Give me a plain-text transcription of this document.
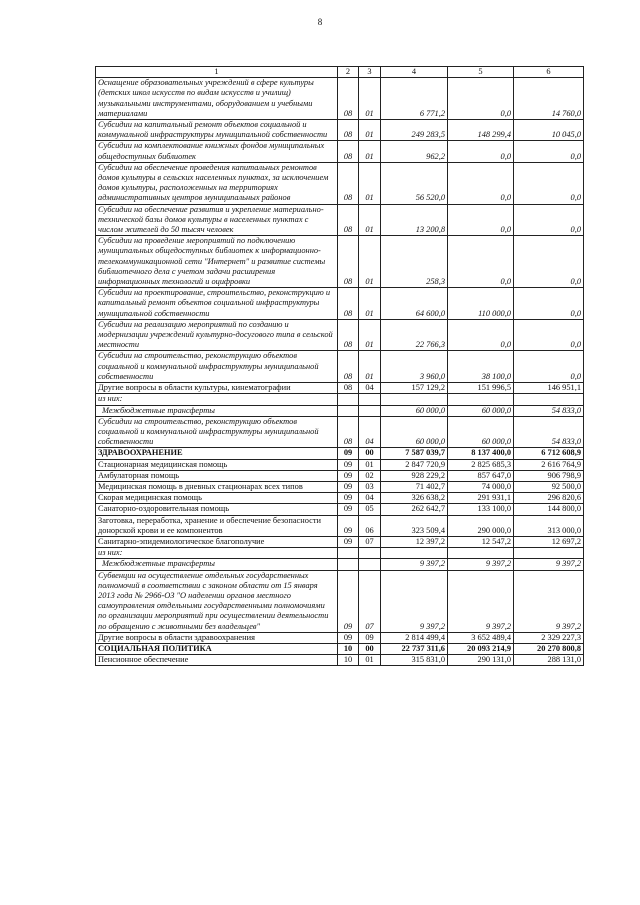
8
1	2	3	4	5	6
Оснащение образовательных учреждений в сфере культуры (детских школ искусств по видам искусств и училищ) музыкальными инструментами, оборудованием и учебными материалами	08	01	6 771,2	0,0	14 760,0
Субсидии на капитальный ремонт объектов социальной и коммунальной инфраструктуры муниципальной собственности	08	01	249 283,5	148 299,4	10 045,0
Субсидии на комплектование книжных фондов муниципальных общедоступных библиотек	08	01	962,2	0,0	0,0
Субсидии на обеспечение проведения капитальных ремонтов домов культуры в сельских населенных пунктах, за исключением домов культуры, расположенных на территориях административных центров муниципальных районов	08	01	56 520,0	0,0	0,0
Субсидии на обеспечение развития и укрепление материально-технической базы домов культуры в населенных пунктах с числом жителей до 50 тысяч человек	08	01	13 200,8	0,0	0,0
Субсидии на проведение мероприятий по подключению муниципальных общедоступных библиотек к информационно-телекоммуникационной сети "Интернет" и развитие системы библиотечного дела с учетом задачи расширения информационных технологий и оцифровки	08	01	258,3	0,0	0,0
Субсидии на проектирование, строительство, реконструкцию и капитальный ремонт объектов социальной инфраструктуры муниципальной собственности	08	01	64 600,0	110 000,0	0,0
Субсидии на реализацию мероприятий по созданию и модернизации учреждений культурно-досугового типа в сельской местности	08	01	22 766,3	0,0	0,0
Субсидии на строительство, реконструкцию объектов социальной и коммунальной инфраструктуры муниципальной собственности	08	01	3 960,0	38 100,0	0,0
Другие вопросы в области культуры, кинематографии	08	04	157 129,2	151 996,5	146 951,1
из них:					
Межбюджетные трансферты			60 000,0	60 000,0	54 833,0
Субсидии на строительство, реконструкцию объектов социальной и коммунальной инфраструктуры муниципальной собственности	08	04	60 000,0	60 000,0	54 833,0
ЗДРАВООХРАНЕНИЕ	09	00	7 587 039,7	8 137 400,0	6 712 608,9
Стационарная медицинская помощь	09	01	2 847 720,9	2 825 685,3	2 616 764,9
Амбулаторная помощь	09	02	928 229,2	857 647,0	906 798,9
Медицинская помощь в дневных стационарах всех типов	09	03	71 402,7	74 000,0	92 500,0
Скорая медицинская помощь	09	04	326 638,2	291 931,1	296 820,6
Санаторно-оздоровительная помощь	09	05	262 642,7	133 100,0	144 800,0
Заготовка, переработка, хранение и обеспечение безопасности донорской крови и ее компонентов	09	06	323 509,4	290 000,0	313 000,0
Санитарно-эпидемиологическое благополучие	09	07	12 397,2	12 547,2	12 697,2
из них:					
Межбюджетные трансферты			9 397,2	9 397,2	9 397,2
Субвенции на осуществление отдельных государственных полномочий в соответствии с законом области от 15 января 2013 года № 2966-ОЗ "О наделении органов местного самоуправления отдельными государственными полномочиями по организации мероприятий при осуществлении деятельности по обращению с животными без владельцев"	09	07	9 397,2	9 397,2	9 397,2
Другие вопросы в области здравоохранения	09	09	2 814 499,4	3 652 489,4	2 329 227,3
СОЦИАЛЬНАЯ ПОЛИТИКА	10	00	22 737 311,6	20 093 214,9	20 270 800,8
Пенсионное обеспечение	10	01	315 831,0	290 131,0	288 131,0
